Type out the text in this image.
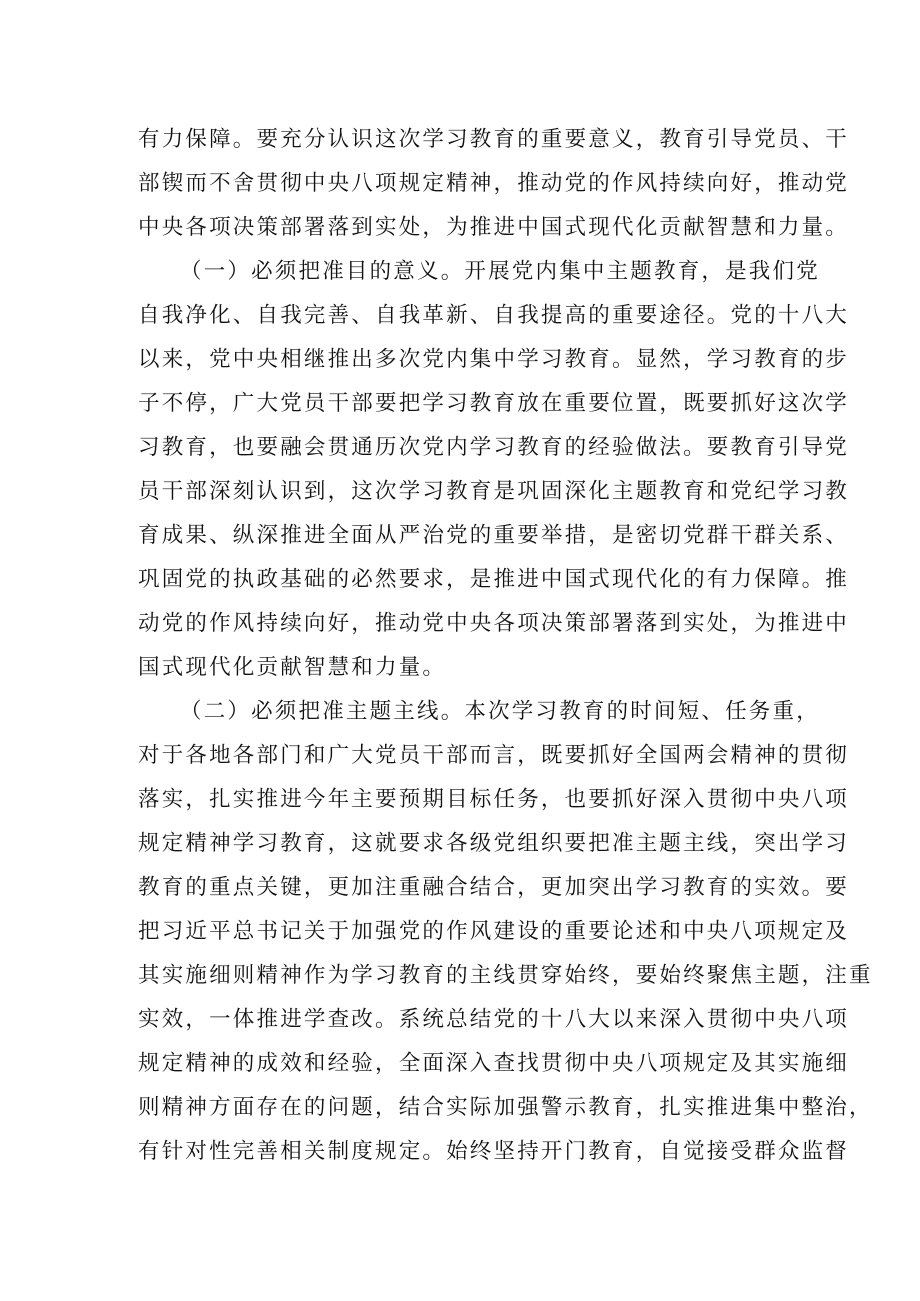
有力保障。要充分认识这次学习教育的重要意义，教育引导党员、干
部锲而不舍贯彻中央八项规定精神，推动党的作风持续向好，推动党
中央各项决策部署落到实处，为推进中国式现代化贡献智慧和力量。
（一）必须把准目的意义。开展党内集中主题教育，是我们党
自我净化、自我完善、自我革新、自我提高的重要途径。党的十八大
以来，党中央相继推出多次党内集中学习教育。显然，学习教育的步
子不停，广大党员干部要把学习教育放在重要位置，既要抓好这次学
习教育，也要融会贯通历次党内学习教育的经验做法。要教育引导党
员干部深刻认识到，这次学习教育是巩固深化主题教育和党纪学习教
育成果、纵深推进全面从严治党的重要举措，是密切党群干群关系、
巩固党的执政基础的必然要求，是推进中国式现代化的有力保障。推
动党的作风持续向好，推动党中央各项决策部署落到实处，为推进中
国式现代化贡献智慧和力量。
（二）必须把准主题主线。本次学习教育的时间短、任务重，
对于各地各部门和广大党员干部而言，既要抓好全国两会精神的贯彻
落实，扎实推进今年主要预期目标任务，也要抓好深入贯彻中央八项
规定精神学习教育，这就要求各级党组织要把准主题主线，突出学习
教育的重点关键，更加注重融合结合，更加突出学习教育的实效。要
把习近平总书记关于加强党的作风建设的重要论述和中央八项规定及
其实施细则精神作为学习教育的主线贯穿始终，要始终聚焦主题，注重
实效，一体推进学查改。系统总结党的十八大以来深入贯彻中央八项
规定精神的成效和经验，全面深入查找贯彻中央八项规定及其实施细
则精神方面存在的问题，结合实际加强警示教育，扎实推进集中整治，
有针对性完善相关制度规定。始终坚持开门教育，自觉接受群众监督
